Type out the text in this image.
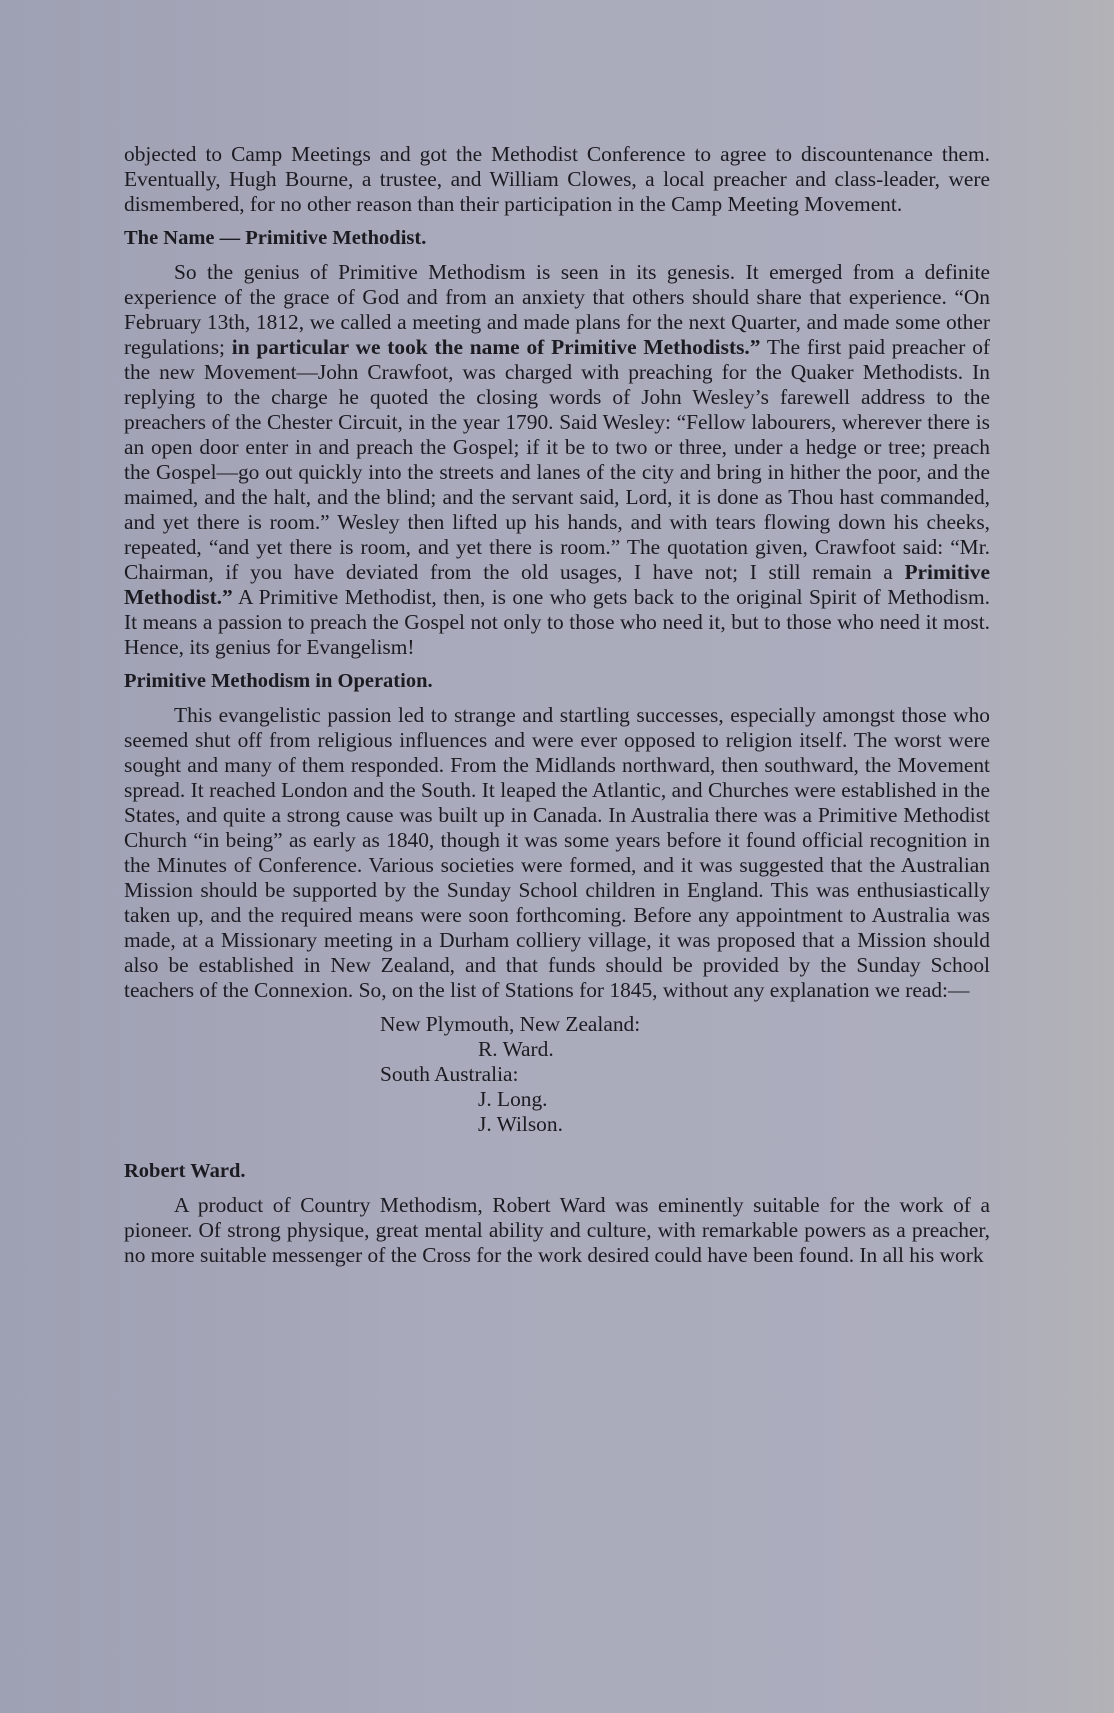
objected to Camp Meetings and got the Methodist Conference to agree to discountenance them. Eventually, Hugh Bourne, a trustee, and William Clowes, a local preacher and class-leader, were dismembered, for no other reason than their participation in the Camp Meeting Movement.

The Name — Primitive Methodist.

So the genius of Primitive Methodism is seen in its genesis. It emerged from a definite experience of the grace of God and from an anxiety that others should share that experience. “On February 13th, 1812, we called a meeting and made plans for the next Quarter, and made some other regulations; in particular we took the name of Primitive Methodists.” The first paid preacher of the new Movement—John Crawfoot, was charged with preaching for the Quaker Methodists. In replying to the charge he quoted the closing words of John Wesley’s farewell address to the preachers of the Chester Circuit, in the year 1790. Said Wesley: “Fellow labourers, wherever there is an open door enter in and preach the Gospel; if it be to two or three, under a hedge or tree; preach the Gospel—go out quickly into the streets and lanes of the city and bring in hither the poor, and the maimed, and the halt, and the blind; and the servant said, Lord, it is done as Thou hast commanded, and yet there is room.” Wesley then lifted up his hands, and with tears flowing down his cheeks, repeated, “and yet there is room, and yet there is room.” The quotation given, Crawfoot said: “Mr. Chairman, if you have deviated from the old usages, I have not; I still remain a Primitive Methodist.” A Primitive Methodist, then, is one who gets back to the original Spirit of Methodism. It means a passion to preach the Gospel not only to those who need it, but to those who need it most. Hence, its genius for Evangelism!

Primitive Methodism in Operation.

This evangelistic passion led to strange and startling successes, especially amongst those who seemed shut off from religious influences and were ever opposed to religion itself. The worst were sought and many of them responded. From the Midlands northward, then southward, the Movement spread. It reached London and the South. It leaped the Atlantic, and Churches were established in the States, and quite a strong cause was built up in Canada. In Australia there was a Primitive Methodist Church “in being” as early as 1840, though it was some years before it found official recognition in the Minutes of Conference. Various societies were formed, and it was suggested that the Australian Mission should be supported by the Sunday School children in England. This was enthusiastically taken up, and the required means were soon forthcoming. Before any appointment to Australia was made, at a Missionary meeting in a Durham colliery village, it was proposed that a Mission should also be established in New Zealand, and that funds should be provided by the Sunday School teachers of the Connexion. So, on the list of Stations for 1845, without any explanation we read:—

New Plymouth, New Zealand:
R. Ward.
South Australia:
J. Long.
J. Wilson.
Robert Ward.

A product of Country Methodism, Robert Ward was eminently suitable for the work of a pioneer. Of strong physique, great mental ability and culture, with remarkable powers as a preacher, no more suitable messenger of the Cross for the work desired could have been found. In all his work
